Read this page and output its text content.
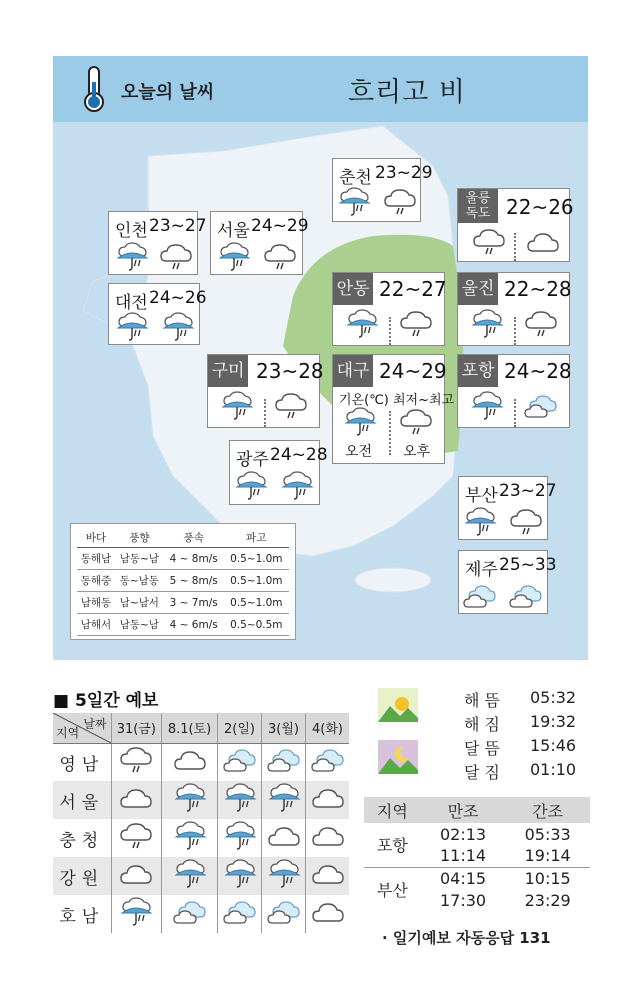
오늘의 날씨	흐리고 비
춘천 23~29
울릉
독도 22~26
인천 23~27 서울 24~29
대전 24~26	안동 22~27 울진 22~28
구미 23~28 대구 24~29
기온(℃) 최저~최고
오전 오후
포항 24~28
광주 24~28
부산 23~27
제주 25~33
바다	풍향	풍속	파고
동해남	남동~남	4 ~ 8m/s	0.5~1.0m
동해중	동~남동	5 ~ 8m/s	0.5~1.0m
남해동	남~남서	3 ~ 7m/s	0.5~1.0m
남해서	남동~남	4 ~ 6m/s	0.5~0.5m
■ 5일간 예보
날짜
지역	31(금)	8.1(토)	2(일)	3(월)	4(화)
영남					
서울					
충청					
강원					
호남					
해 뜸 05:32
해 짐 19:32
달 뜸 15:46
달 짐 01:10
지역	만조	간조
포항	02:13	05:33
	11:14	19:14
부산	04:15	10:15
	17:30	23:29
· 일기예보 자동응답 131
